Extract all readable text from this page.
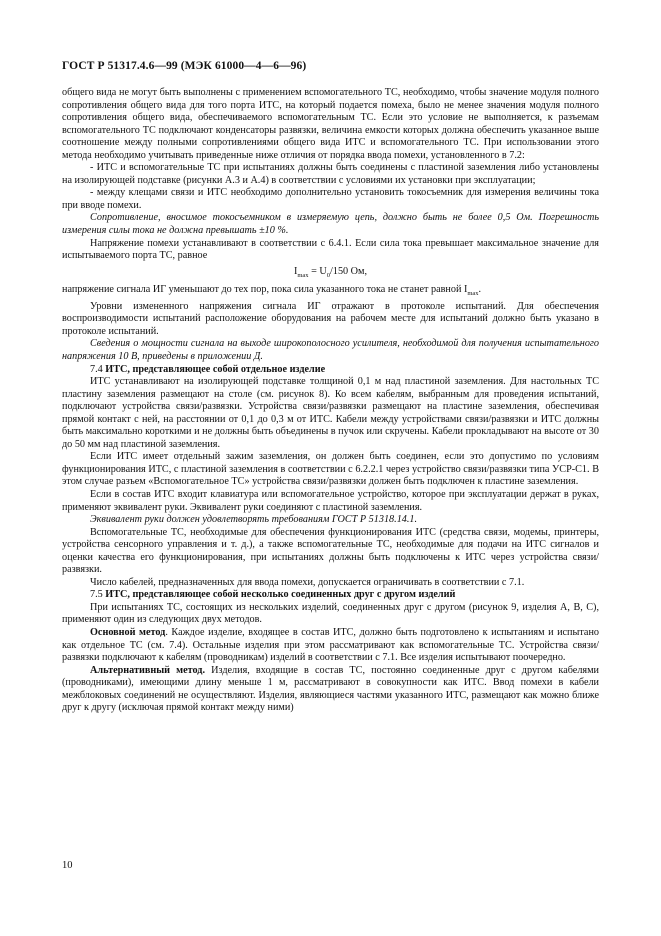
ГОСТ Р 51317.4.6—99 (МЭК 61000—4—6—96)

общего вида не могут быть выполнены с применением вспомогательного ТС, необходимо, чтобы значение модуля полного сопротивления общего вида для того порта ИТС, на который подается помеха, было не менее значения модуля полного сопротивления общего вида, обеспечиваемого вспомогательным ТС. Если это условие не выполняется, к разъемам вспомогательного ТС подключают конденсаторы развязки, величина емкости которых должна обеспечить указанное выше соотношение между полными сопротивлениями общего вида ИТС и вспомогательного ТС. При использовании этого метода необходимо учитывать приведенные ниже отличия от порядка ввода помехи, установленного в 7.2:

- ИТС и вспомогательные ТС при испытаниях должны быть соединены с пластиной заземления либо установлены на изолирующей подставке (рисунки А.3 и А.4) в соответствии с условиями их установки при эксплуатации;

- между клещами связи и ИТС необходимо дополнительно установить токосъемник для измерения величины тока при вводе помехи.

Сопротивление, вносимое токосъемником в измеряемую цепь, должно быть не более 0,5 Ом. Погрешность измерения силы тока не должна превышать ±10 %.

Напряжение помехи устанавливают в соответствии с 6.4.1. Если сила тока превышает максимальное значение для испытываемого порта ТС, равное

$I_{max} = U_0/150$ Ом,

напряжение сигнала ИГ уменьшают до тех пор, пока сила указанного тока не станет равной $I_{max}$.

Уровни измененного напряжения сигнала ИГ отражают в протоколе испытаний. Для обеспечения воспроизводимости испытаний расположение оборудования на рабочем месте для испытаний должно быть указано в протоколе испытаний.

Сведения о мощности сигнала на выходе широкополосного усилителя, необходимой для получения испытательного напряжения 10 В, приведены в приложении Д.

7.4 ИТС, представляющее собой отдельное изделие

ИТС устанавливают на изолирующей подставке толщиной 0,1 м над пластиной заземления. Для настольных ТС пластину заземления размещают на столе (см. рисунок 8). Ко всем кабелям, выбранным для проведения испытаний, подключают устройства связи/развязки. Устройства связи/развязки размещают на пластине заземления, обеспечивая прямой контакт с ней, на расстоянии от 0,1 до 0,3 м от ИТС. Кабели между устройствами связи/развязки и ИТС должны быть максимально короткими и не должны быть объединены в пучок или скручены. Кабели прокладывают на высоте от 30 до 50 мм над пластиной заземления.

Если ИТС имеет отдельный зажим заземления, он должен быть соединен, если это допустимо по условиям функционирования ИТС, с пластиной заземления в соответствии с 6.2.2.1 через устройство связи/развязки типа УСР-С1. В этом случае разъем «Вспомогательное ТС» устройства связи/развязки должен быть подключен к пластине заземления.

Если в состав ИТС входит клавиатура или вспомогательное устройство, которое при эксплуатации держат в руках, применяют эквивалент руки. Эквивалент руки соединяют с пластиной заземления.

Эквивалент руки должен удовлетворять требованиям ГОСТ Р 51318.14.1.

Вспомогательные ТС, необходимые для обеспечения функционирования ИТС (средства связи, модемы, принтеры, устройства сенсорного управления и т. д.), а также вспомогательные ТС, необходимые для подачи на ИТС сигналов и оценки качества его функционирования, при испытаниях должны быть подключены к ИТС через устройства связи/развязки.

Число кабелей, предназначенных для ввода помехи, допускается ограничивать в соответствии с 7.1.

7.5 ИТС, представляющее собой несколько соединенных друг с другом изделий

При испытаниях ТС, состоящих из нескольких изделий, соединенных друг с другом (рисунок 9, изделия А, В, С), применяют один из следующих двух методов.

Основной метод. Каждое изделие, входящее в состав ИТС, должно быть подготовлено к испытаниям и испытано как отдельное ТС (см. 7.4). Остальные изделия при этом рассматривают как вспомогательные ТС. Устройства связи/развязки подключают к кабелям (проводникам) изделий в соответствии с 7.1. Все изделия испытывают поочередно.

Альтернативный метод. Изделия, входящие в состав ТС, постоянно соединенные друг с другом кабелями (проводниками), имеющими длину меньше 1 м, рассматривают в совокупности как ИТС. Ввод помехи в кабели межблоковых соединений не осуществляют. Изделия, являющиеся частями указанного ИТС, размещают как можно ближе друг к другу (исключая прямой контакт между ними)

10
